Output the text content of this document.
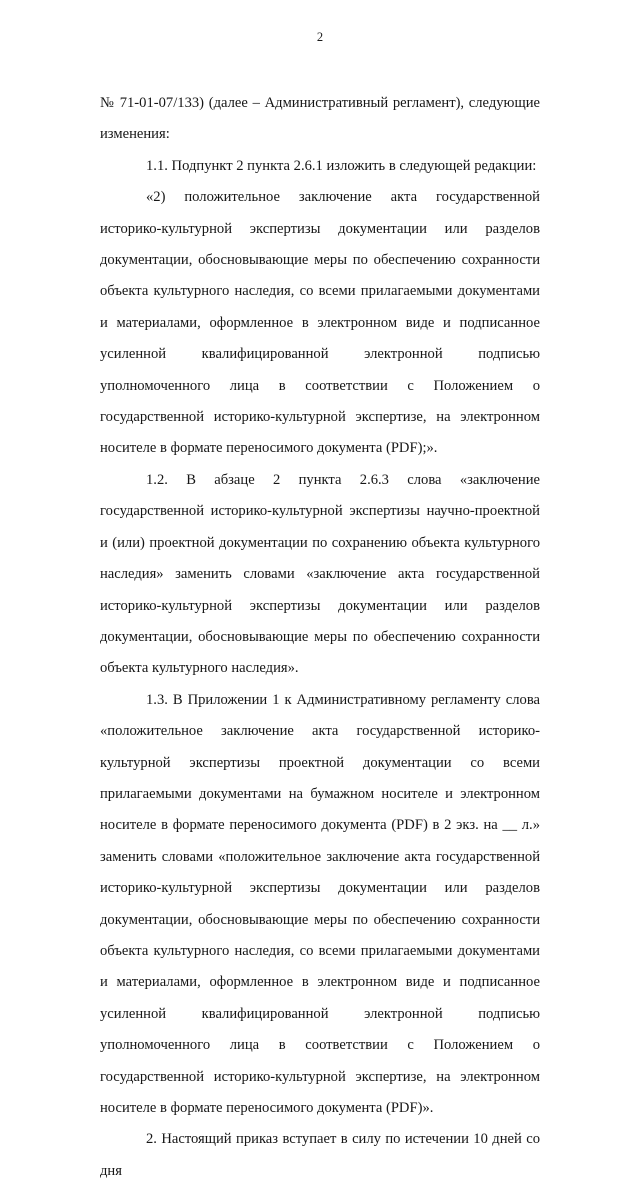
2

№ 71-01-07/133) (далее – Административный регламент), следующие изменения:

1.1. Подпункт 2 пункта 2.6.1 изложить в следующей редакции:

«2) положительное заключение акта государственной историко-культурной экспертизы документации или разделов документации, обосновывающие меры по обеспечению сохранности объекта культурного наследия, со всеми прилагаемыми документами и материалами, оформленное в электронном виде и подписанное усиленной квалифицированной электронной подписью уполномоченного лица в соответствии с Положением о государственной историко-культурной экспертизе, на электронном носителе в формате переносимого документа (PDF);».

1.2. В абзаце 2 пункта 2.6.3 слова «заключение государственной историко-культурной экспертизы научно-проектной и (или) проектной документации по сохранению объекта культурного наследия» заменить словами «заключение акта государственной историко-культурной экспертизы документации или разделов документации, обосновывающие меры по обеспечению сохранности объекта культурного наследия».

1.3. В Приложении 1 к Административному регламенту слова «положительное заключение акта государственной историко-культурной экспертизы проектной документации со всеми прилагаемыми документами на бумажном носителе и электронном носителе в формате переносимого документа (PDF) в 2 экз. на __ л.» заменить словами «положительное заключение акта государственной историко-культурной экспертизы документации или разделов документации, обосновывающие меры по обеспечению сохранности объекта культурного наследия, со всеми прилагаемыми документами и материалами, оформленное в электронном виде и подписанное усиленной квалифицированной электронной подписью уполномоченного лица в соответствии с Положением о государственной историко-культурной экспертизе, на электронном носителе в формате переносимого документа (PDF)».

2. Настоящий приказ вступает в силу по истечении 10 дней со дня
